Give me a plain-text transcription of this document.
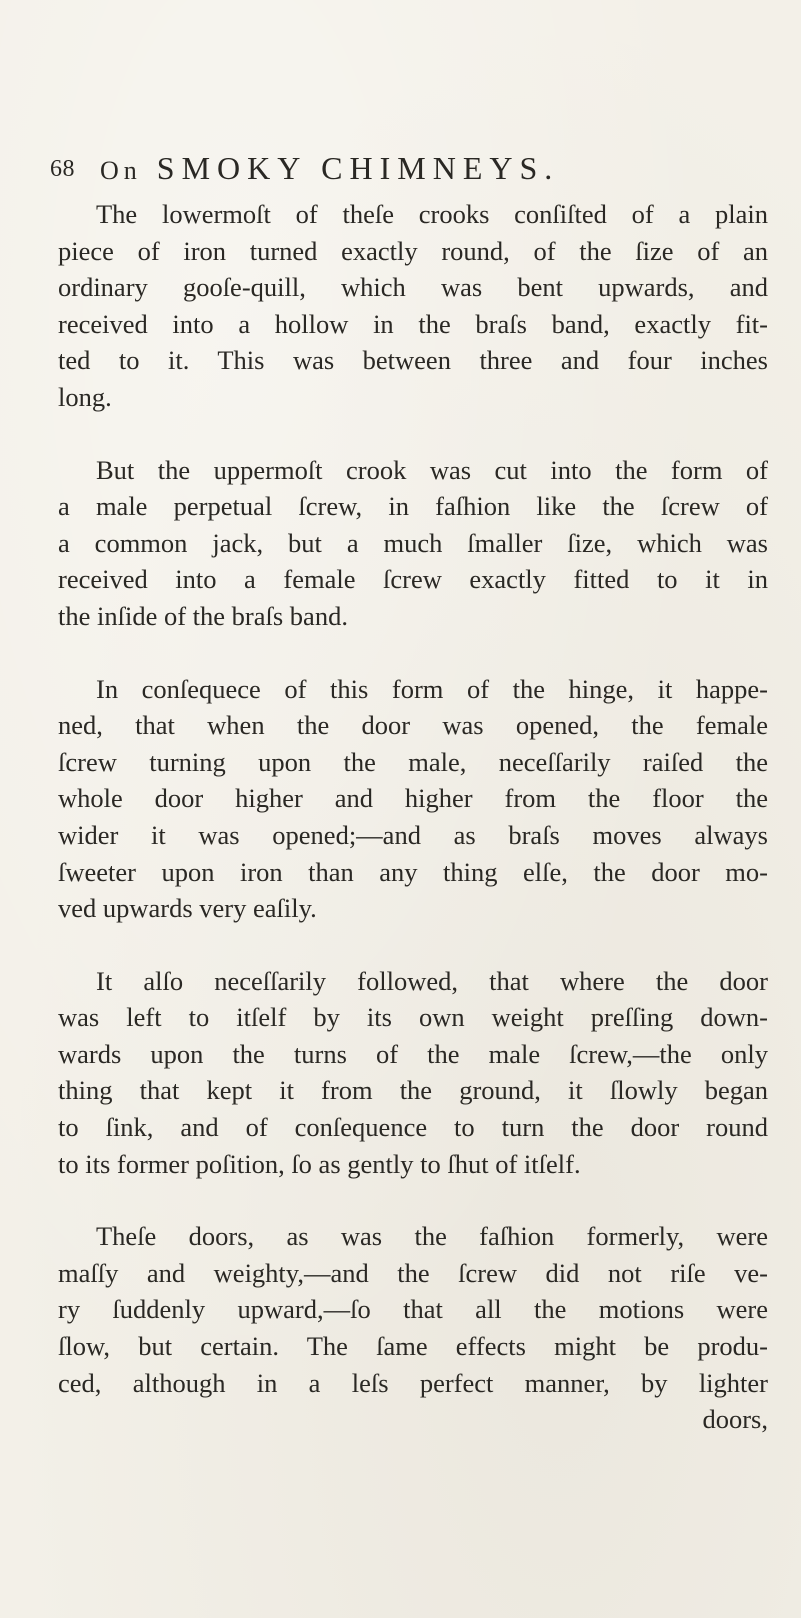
68 On SMOKY CHIMNEYS.
The lowermoſt of theſe crooks conſiſted of a plain
piece of iron turned exactly round, of the ſize of an
ordinary gooſe-quill, which was bent upwards, and
received into a hollow in the braſs band, exactly fit-
ted to it. This was between three and four inches
long.
But the uppermoſt crook was cut into the form of
a male perpetual ſcrew, in faſhion like the ſcrew of
a common jack, but a much ſmaller ſize, which was
received into a female ſcrew exactly fitted to it in
the inſide of the braſs band.
In conſequece of this form of the hinge, it happe-
ned, that when the door was opened, the female
ſcrew turning upon the male, neceſſarily raiſed the
whole door higher and higher from the floor the
wider it was opened;—and as braſs moves always
ſweeter upon iron than any thing elſe, the door mo-
ved upwards very eaſily.
It alſo neceſſarily followed, that where the door
was left to itſelf by its own weight preſſing down-
wards upon the turns of the male ſcrew,—the only
thing that kept it from the ground, it ſlowly began
to ſink, and of conſequence to turn the door round
to its former poſition, ſo as gently to ſhut of itſelf.
Theſe doors, as was the faſhion formerly, were
maſſy and weighty,—and the ſcrew did not riſe ve-
ry ſuddenly upward,—ſo that all the motions were
ſlow, but certain. The ſame effects might be produ-
ced, although in a leſs perfect manner, by lighter
doors,
